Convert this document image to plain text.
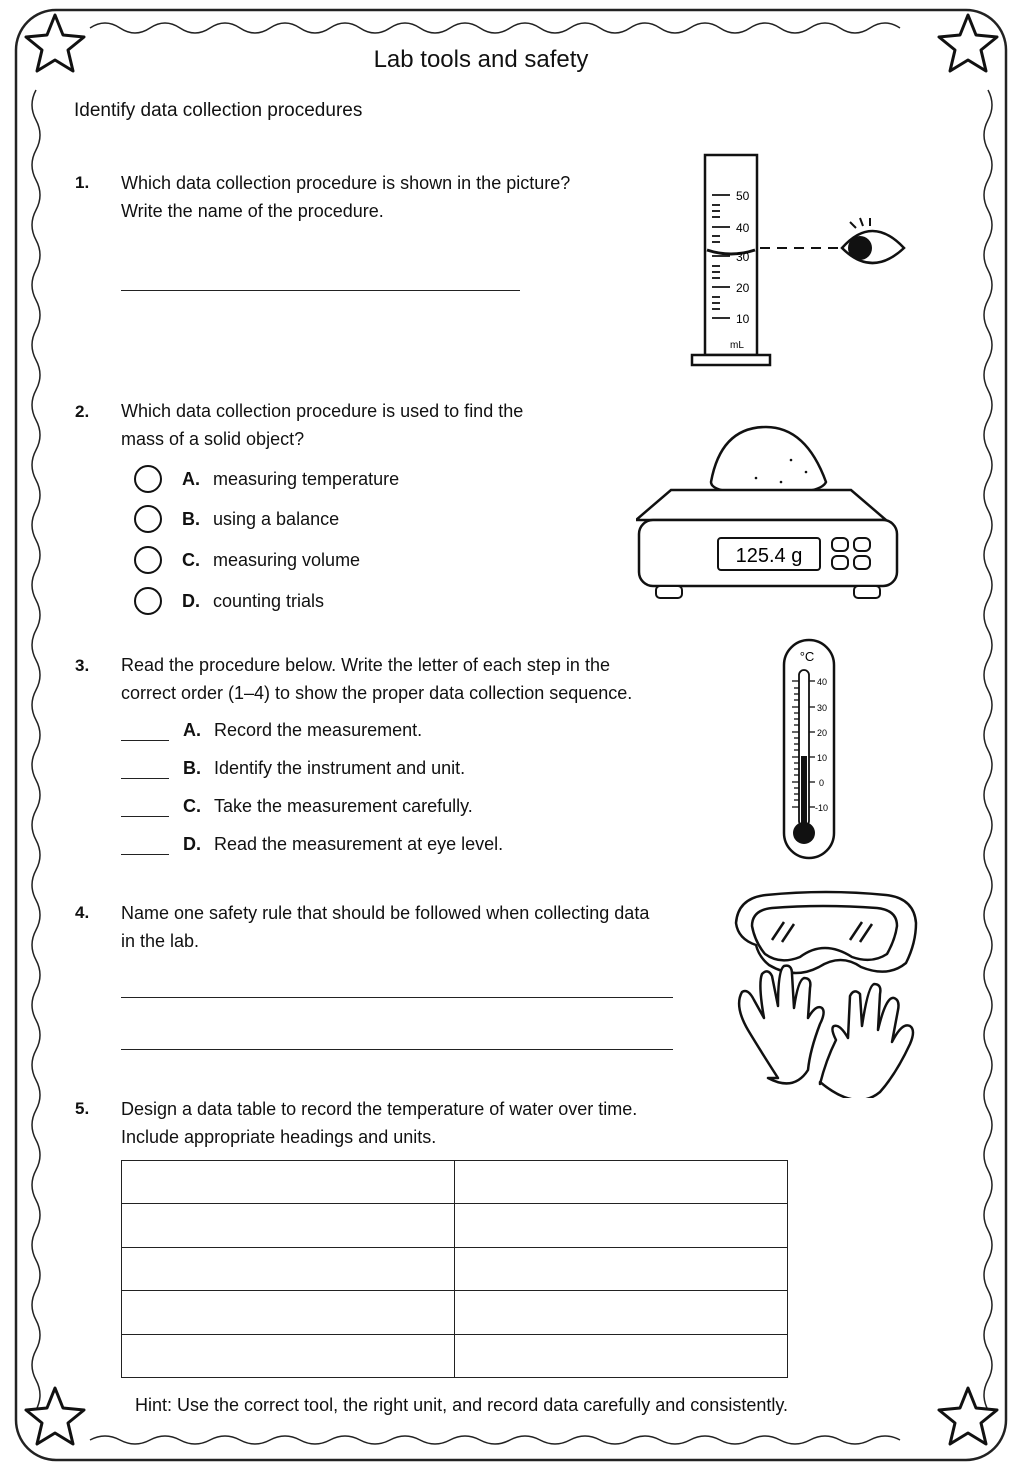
Lab tools and safety
Identify data collection procedures
1. Which data collection procedure is shown in the picture?
Write the name of the procedure.
50
40
30
20
10
mL
2. Which data collection procedure is used to find the
mass of a solid object?
A. measuring temperature
B. using a balance
C. measuring volume
D. counting trials
125.4 g
3. Read the procedure below. Write the letter of each step in the
correct order (1–4) to show the proper data collection sequence.
A. Record the measurement.
B. Identify the instrument and unit.
C. Take the measurement carefully.
D. Read the measurement at eye level.
°C
40
30
20
10
0
-10
4. Name one safety rule that should be followed when collecting data
in the lab.
5. Design a data table to record the temperature of water over time.
Include appropriate headings and units.

Hint: Use the correct tool, the right unit, and record data carefully and consistently.
